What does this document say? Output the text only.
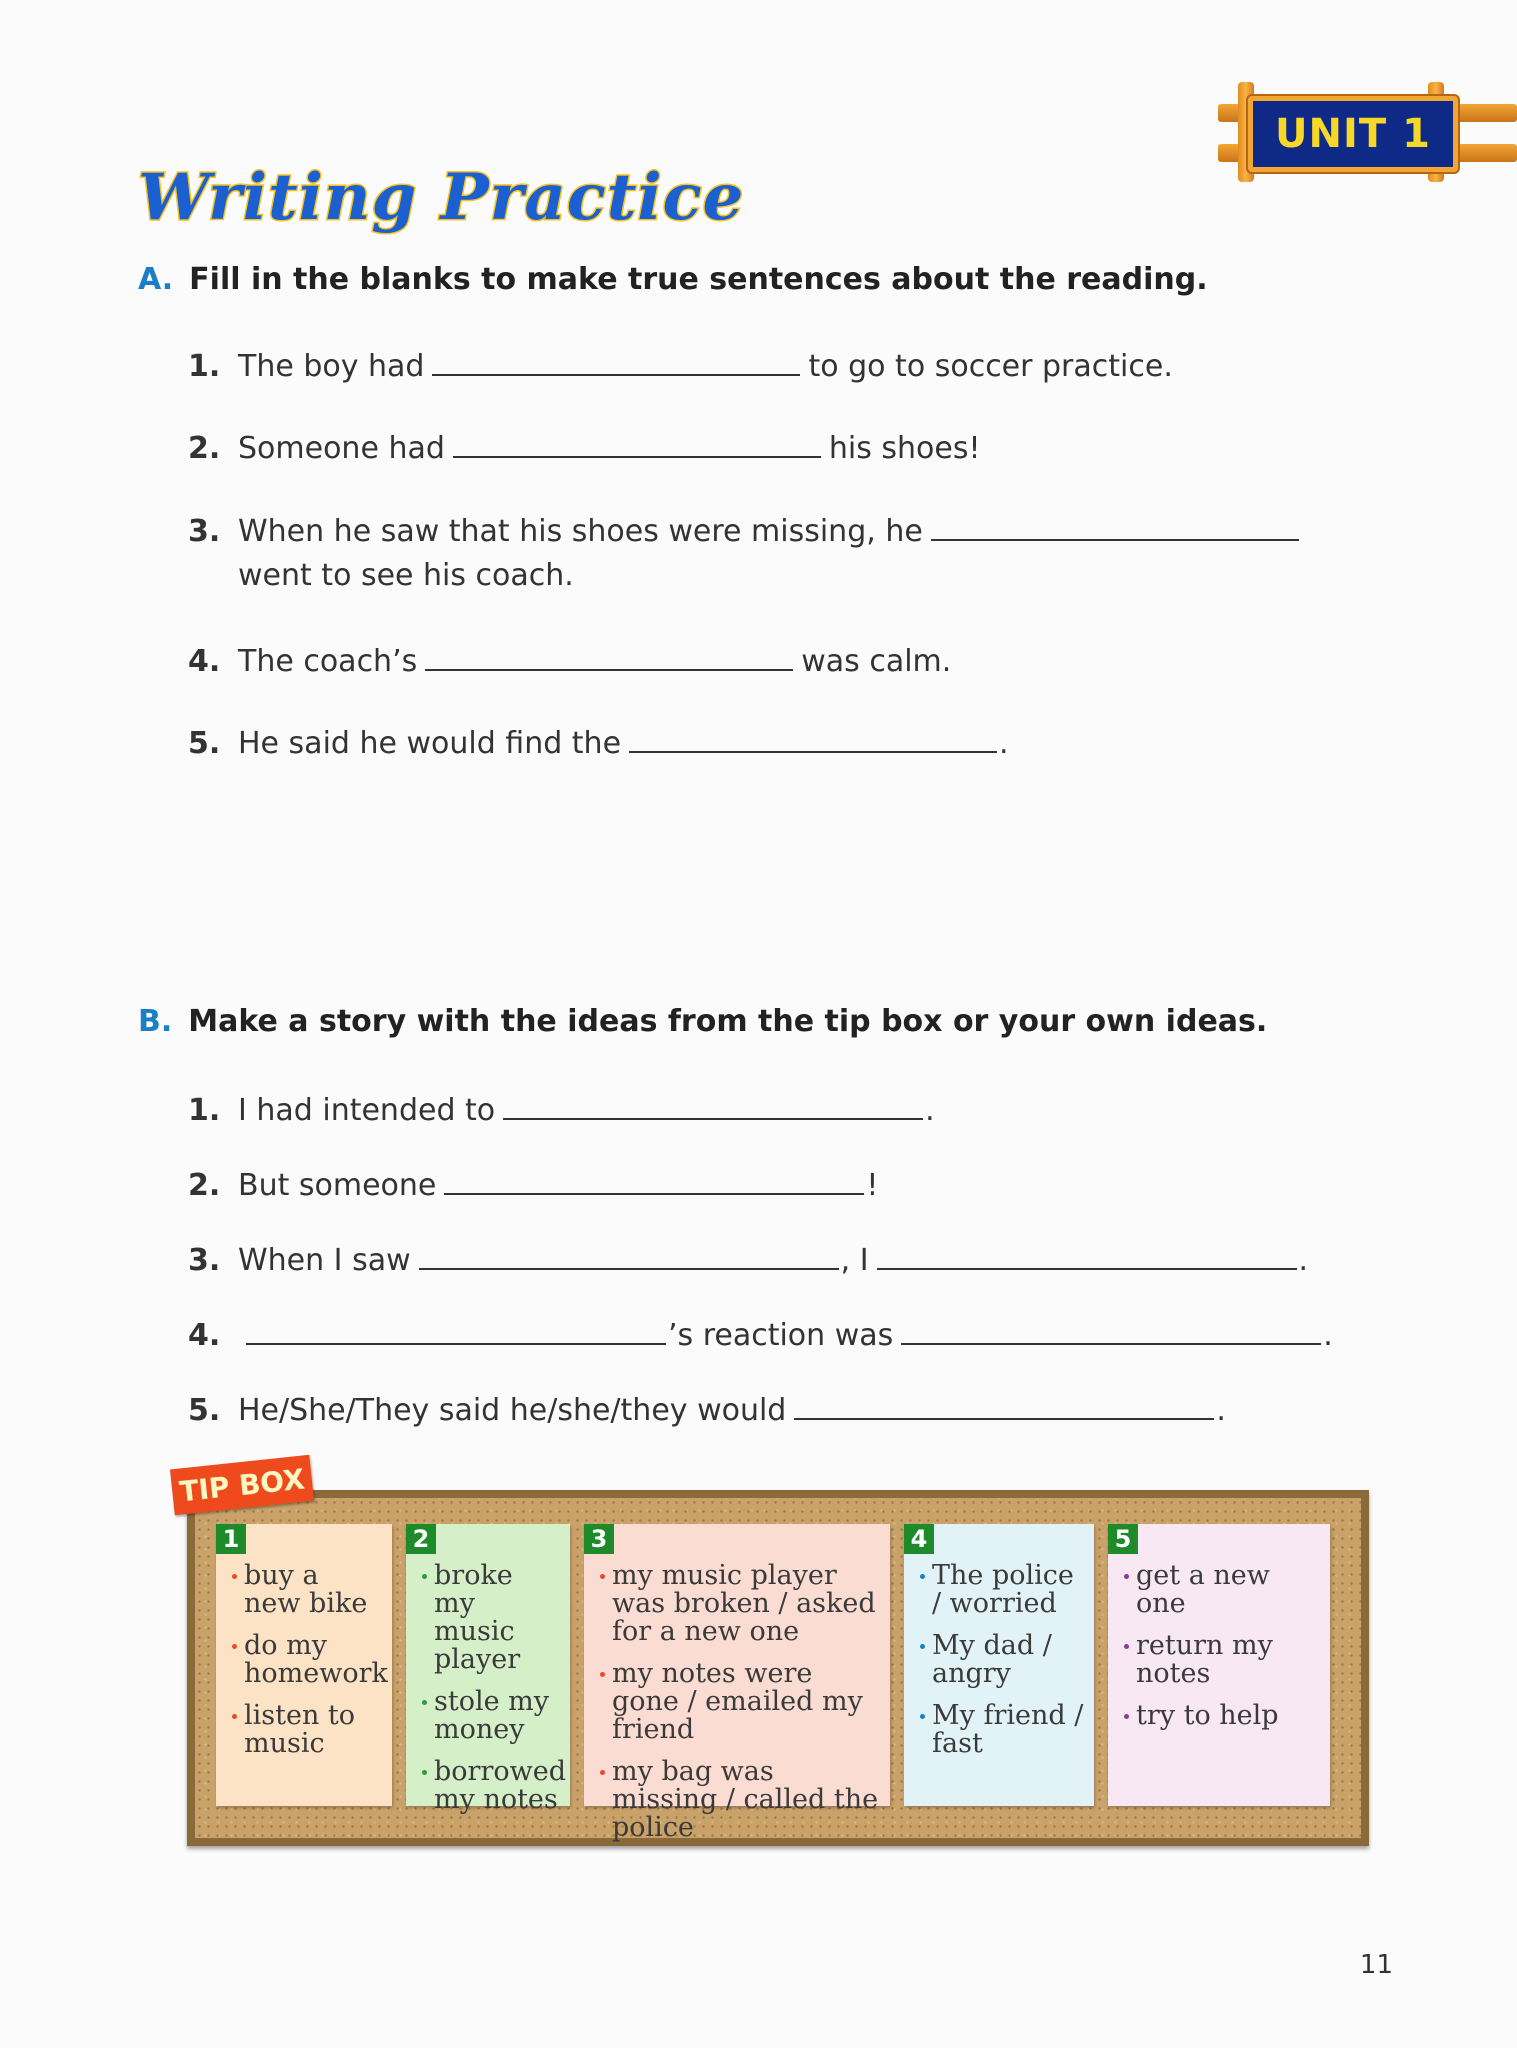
UNIT 1
Writing Practice
A. Fill in the blanks to make true sentences about the reading.
1. The boy had	to go to soccer practice.
2. Someone had	his shoes!
3. When he saw that his shoes were missing, he
went to see his coach.
4. The coach’s	was calm.
5. He said he would find the	.
B. Make a story with the ideas from the tip box or your own ideas.
1. I had intended to	.
2. But someone	!
3. When I saw	, I	.
4.	’s reaction was	.
5. He/She/They said he/she/they would	.
TIP BOX
1
buy a new bike
do my homework
listen to music
2
broke my music player
stole my money
borrowed my notes
3
my music player was broken / asked for a new one
my notes were gone / emailed my friend
my bag was missing / called the police
4
The police / worried
My dad / angry
My friend / fast
5
get a new one
return my notes
try to help
11
